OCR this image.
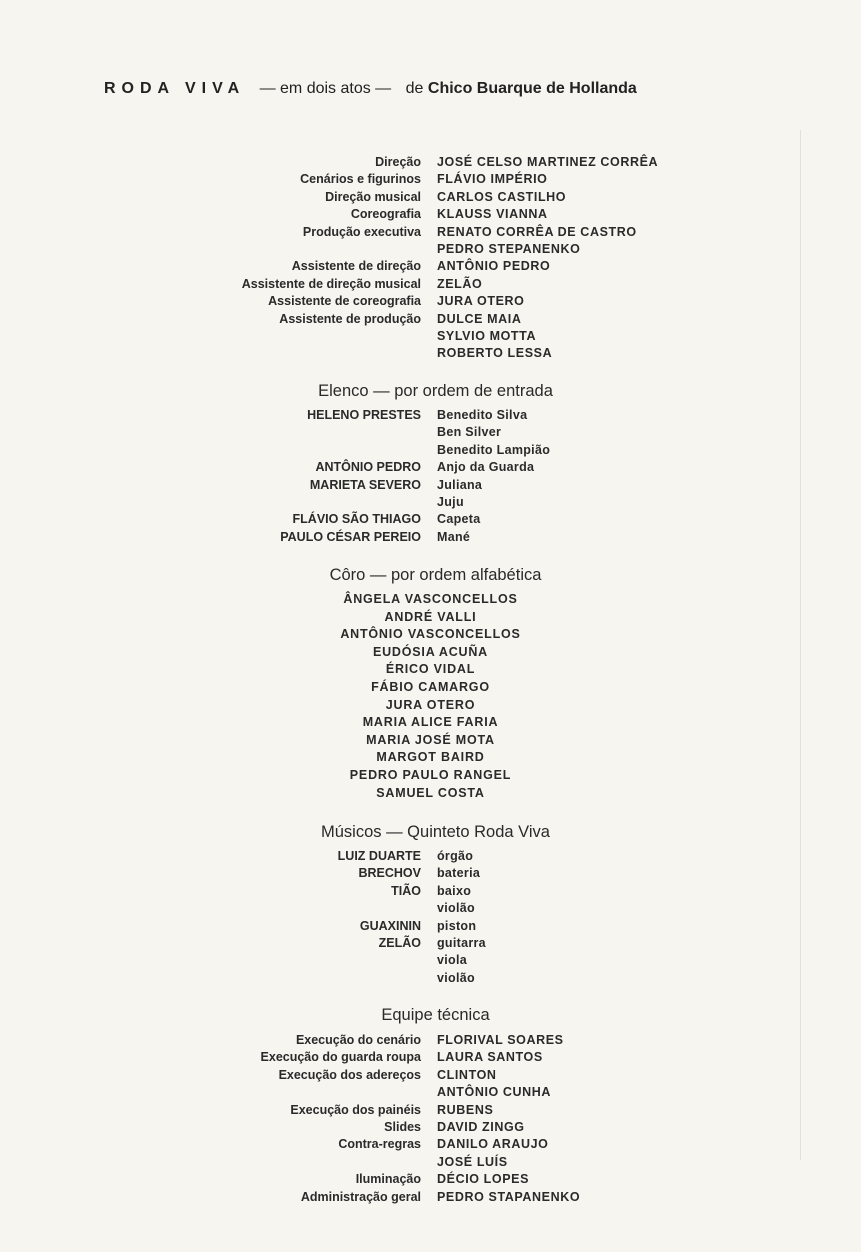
RODA VIVA — em dois atos — de Chico Buarque de Hollanda
Direção JOSÉ CELSO MARTINEZ CORRÊA
Cenários e figurinos FLÁVIO IMPÉRIO
Direção musical CARLOS CASTILHO
Coreografia KLAUSS VIANNA
Produção executiva RENATO CORRÊA DE CASTRO
PEDRO STEPANENKO
Assistente de direção ANTÔNIO PEDRO
Assistente de direção musical ZELÃO
Assistente de coreografia JURA OTERO
Assistente de produção DULCE MAIA
SYLVIO MOTTA
ROBERTO LESSA
Elenco — por ordem de entrada
HELENO PRESTES Benedito Silva
Ben Silver
Benedito Lampião
ANTÔNIO PEDRO Anjo da Guarda
MARIETA SEVERO Juliana
Juju
FLÁVIO SÃO THIAGO Capeta
PAULO CÉSAR PEREIO Mané
Côro — por ordem alfabética
ÂNGELA VASCONCELLOS
ANDRÉ VALLI
ANTÔNIO VASCONCELLOS
EUDÓSIA ACUÑA
ÉRICO VIDAL
FÁBIO CAMARGO
JURA OTERO
MARIA ALICE FARIA
MARIA JOSÉ MOTA
MARGOT BAIRD
PEDRO PAULO RANGEL
SAMUEL COSTA
Músicos — Quinteto Roda Viva
LUIZ DUARTE órgão
BRECHOV bateria
TIÃO baixo
violão
GUAXININ piston
ZELÃO guitarra
viola
violão
Equipe técnica
Execução do cenário FLORIVAL SOARES
Execução do guarda roupa LAURA SANTOS
Execução dos adereços CLINTON
ANTÔNIO CUNHA
Execução dos painéis RUBENS
Slides DAVID ZINGG
Contra-regras DANILO ARAUJO
JOSÉ LUÍS
Iluminação DÉCIO LOPES
Administração geral PEDRO STAPANENKO
